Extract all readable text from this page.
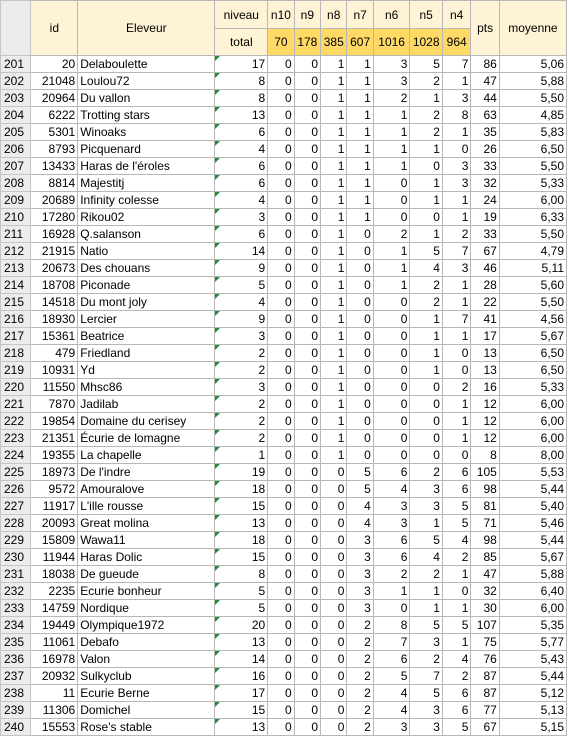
	id	Eleveur	niveau	n10	n9	n8	n7	n6	n5	n4	pts	moyenne
			total	70	178	385	607	1016	1028	964		
201	20	Delaboulette	17	0	0	1	1	3	5	7	86	5,06
202	21048	Loulou72	8	0	0	1	1	3	2	1	47	5,88
203	20964	Du vallon	8	0	0	1	1	2	1	3	44	5,50
204	6222	Trotting stars	13	0	0	1	1	1	2	8	63	4,85
205	5301	Winoaks	6	0	0	1	1	1	2	1	35	5,83
206	8793	Picquenard	4	0	0	1	1	1	1	0	26	6,50
207	13433	Haras de l'éroles	6	0	0	1	1	1	0	3	33	5,50
208	8814	Majestitj	6	0	0	1	1	0	1	3	32	5,33
209	20689	Infinity colesse	4	0	0	1	1	0	1	1	24	6,00
210	17280	Rikou02	3	0	0	1	1	0	0	1	19	6,33
211	16928	Q.salanson	6	0	0	1	0	2	1	2	33	5,50
212	21915	Natio	14	0	0	1	0	1	5	7	67	4,79
213	20673	Des chouans	9	0	0	1	0	1	4	3	46	5,11
214	18708	Piconade	5	0	0	1	0	1	2	1	28	5,60
215	14518	Du mont joly	4	0	0	1	0	0	2	1	22	5,50
216	18930	Lercier	9	0	0	1	0	0	1	7	41	4,56
217	15361	Beatrice	3	0	0	1	0	0	1	1	17	5,67
218	479	Friedland	2	0	0	1	0	0	1	0	13	6,50
219	10931	Yd	2	0	0	1	0	0	1	0	13	6,50
220	11550	Mhsc86	3	0	0	1	0	0	0	2	16	5,33
221	7870	Jadilab	2	0	0	1	0	0	0	1	12	6,00
222	19854	Domaine du cerisey	2	0	0	1	0	0	0	1	12	6,00
223	21351	Écurie de lomagne	2	0	0	1	0	0	0	1	12	6,00
224	19355	La chapelle	1	0	0	1	0	0	0	0	8	8,00
225	18973	De l'indre	19	0	0	0	5	6	2	6	105	5,53
226	9572	Amouralove	18	0	0	0	5	4	3	6	98	5,44
227	11917	L'ille rousse	15	0	0	0	4	3	3	5	81	5,40
228	20093	Great molina	13	0	0	0	4	3	1	5	71	5,46
229	15809	Wawa11	18	0	0	0	3	6	5	4	98	5,44
230	11944	Haras Dolic	15	0	0	0	3	6	4	2	85	5,67
231	18038	De gueude	8	0	0	0	3	2	2	1	47	5,88
232	2235	Ecurie bonheur	5	0	0	0	3	1	1	0	32	6,40
233	14759	Nordique	5	0	0	0	3	0	1	1	30	6,00
234	19449	Olympique1972	20	0	0	0	2	8	5	5	107	5,35
235	11061	Debafo	13	0	0	0	2	7	3	1	75	5,77
236	16978	Valon	14	0	0	0	2	6	2	4	76	5,43
237	20932	Sulkyclub	16	0	0	0	2	5	7	2	87	5,44
238	11	Ecurie Berne	17	0	0	0	2	4	5	6	87	5,12
239	11306	Domichel	15	0	0	0	2	4	3	6	77	5,13
240	15553	Rose's stable	13	0	0	0	2	3	3	5	67	5,15
